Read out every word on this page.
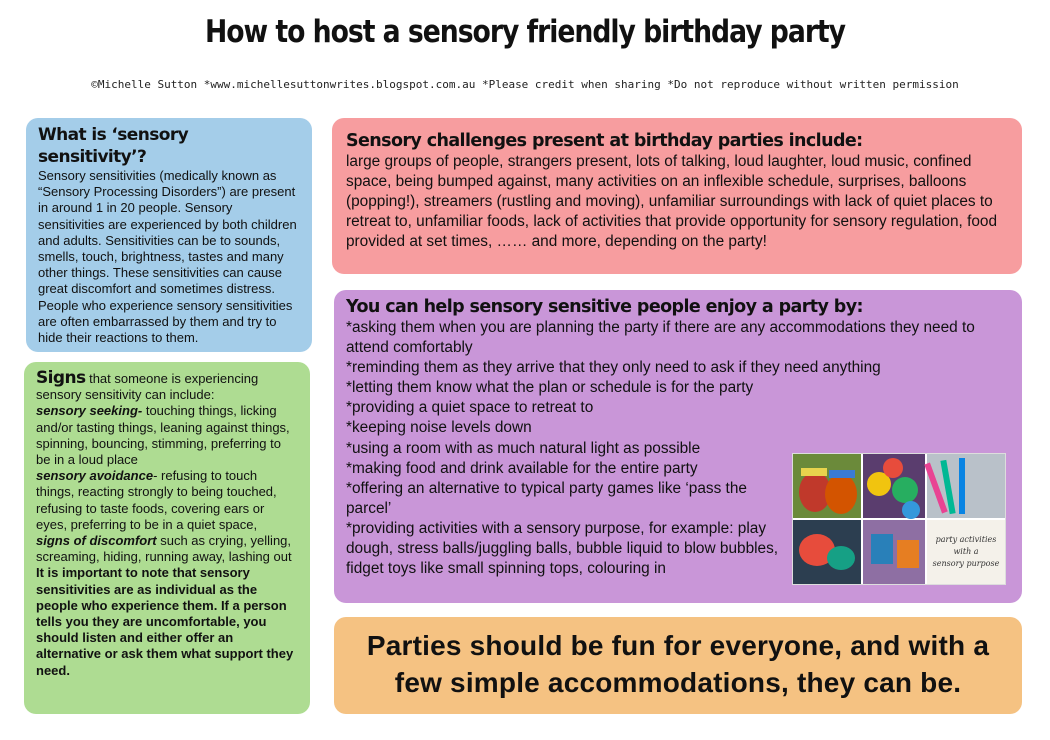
How to host a sensory friendly birthday party
©Michelle Sutton *www.michellesuttonwrites.blogspot.com.au *Please credit when sharing *Do not reproduce without written permission
What is ‘sensory sensitivity’?
Sensory sensitivities (medically known as “Sensory Processing Disorders”) are present in around 1 in 20 people. Sensory sensitivities are experienced by both children and adults. Sensitivities can be to sounds, smells, touch, brightness, tastes and many other things. These sensitivities can cause great discomfort and sometimes distress. People who experience sensory sensitivities are often embarrassed by them and try to hide their reactions to them.
Signs that someone is experiencing sensory sensitivity can include:
sensory seeking- touching things, licking and/or tasting things, leaning against things, spinning, bouncing, stimming, preferring to be in a loud place
sensory avoidance- refusing to touch things, reacting strongly to being touched, refusing to taste foods, covering ears or eyes, preferring to be in a quiet space,
signs of discomfort such as crying, yelling, screaming, hiding, running away, lashing out
It is important to note that sensory sensitivities are as individual as the people who experience them. If a person tells you they are uncomfortable, you should listen and either offer an alternative or ask them what support they need.
Sensory challenges present at birthday parties include:
large groups of people, strangers present, lots of talking, loud laughter, loud music, confined space, being bumped against, many activities on an inflexible schedule, surprises, balloons (popping!), streamers (rustling and moving), unfamiliar surroundings with lack of quiet places to retreat to, unfamiliar foods, lack of activities that provide opportunity for sensory regulation, food provided at set times, …… and more, depending on the party!
You can help sensory sensitive people enjoy a party by:
*asking them when you are planning the party if there are any accommodations they need to attend comfortably
*reminding them as they arrive that they only need to ask if they need anything
*letting them know what the plan or schedule is for the party
*providing a quiet space to retreat to
*keeping noise levels down
*using a room with as much natural light as possible
*making food and drink available for the entire party
*offering an alternative to typical party games like ‘pass the parcel’
*providing activities with a sensory purpose, for example: play dough, stress balls/juggling balls, bubble liquid to blow bubbles, fidget toys like small spinning tops, colouring in
party activities
with a
sensory purpose
Parties should be fun for everyone, and with a few simple accommodations, they can be.
